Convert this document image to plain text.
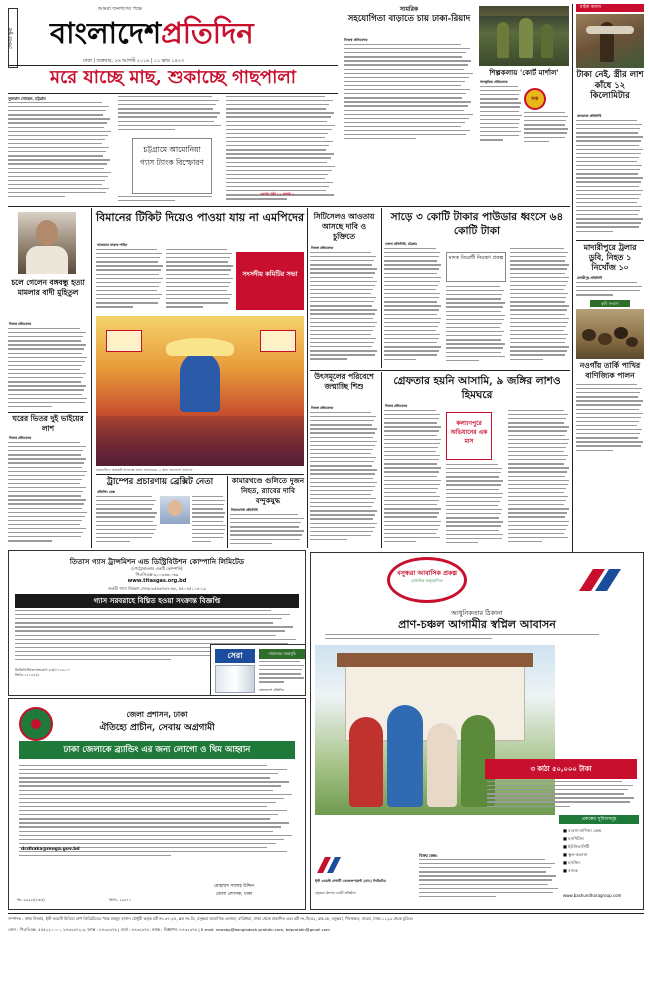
সোনার ক্ষুরা
আমরা জনগণের পক্ষে
বাংলাদেশপ্রতিদিন
ঢাকা | শুক্রবার, ২৬ আগস্ট ২০১৬ | ১১ ভাদ্র ১৪২৩
মরে যাচ্ছে মাছ, শুকাচ্ছে গাছপালা
সুলতান সোহেল, চট্টগ্রাম
চট্টগ্রামে আমোনিয়া গ্যাস ট্যাংক বিস্ফোরণ
সামরিক
সহযোগিতা বাড়াতে চায় ঢাকা-রিয়াদ
নিজস্ব প্রতিবেদক
শিল্পকলায় 'কোর্ট মার্শাল'
সাংস্কৃতিক প্রতিবেদক
মঞ্চ
মাইক কলাম
টাকা নেই, স্ত্রীর লাশ কাঁধে ১২ কিলোমিটার
কলকাতা প্রতিনিধি
মাদারীপুরে ট্রলার ডুবি, নিহত ১ নিখোঁজ ১০
মাদারীপুর প্রতিনিধি
কৃষি সংবাদ
নওগাঁয় তার্কি পাখির বাণিজ্যিক পালন

চলে গেলেন বঙ্গবন্ধু হত্যা মামলার বাদী মুহিতুল
নিজস্ব প্রতিবেদক
ঘরের ভিতর দুই ভাইয়ের লাশ
নিজস্ব প্রতিবেদক
বিমানের টিকিট দিয়েও পাওয়া যায় না এমপিদের
আকতার ফারুক শাহিন
সংসদীয় কমিটির সভা
রাজধানীতে জন্মাষ্টমী উপলক্ষে বর্ণাঢ্য শোভাযাত্রা — ছবি: বাংলাদেশ প্রতিদিন
সিটিসেলও আওতায় আসছে দাবি ও চুক্তিতে
নিজস্ব প্রতিবেদক
সাড়ে ৩ কোটি টাকার পাউডার ধ্বংসে ৬৪ কোটি টাকা
জেলা প্রতিনিধি, চট্টগ্রাম
মাদক বিরোধী নিয়ন্ত্রণ প্রকল্প
উৎসমূলের পরিবেশে জন্মাচ্ছি শিশু
নিজস্ব প্রতিবেদক
গ্রেফতার হয়নি আসামি, ৯ জঙ্গির লাশও হিমঘরে
নিজস্ব প্রতিবেদক
কল্যাণপুরে অভিযানের এক মাস
ট্রাম্পের প্রচারণায় ব্রেক্সিট নেতা
প্রতিদিন ডেস্ক
কামারখণ্ডে গুলিতে দুজন নিহত, র‍্যাবের দাবি বন্দুকযুদ্ধ
সিরাজগঞ্জ প্রতিনিধি
এরপর পৃষ্ঠা ১১ কলাম ১
তিতাস গ্যাস ট্রান্সমিশন এন্ড ডিস্ট্রিবিউশন কোম্পানি লিমিটেড
(পেট্রোবাংলার একটি কোম্পানি)
পিএসিএক্স-৯১০৩৩৬০-৬৯
www.titasgas.org.bd
জরুরী গ্যাস নিয়ন্ত্রণ সেলঃ-৯৫৫৬৭৬৭-৬৮, ৫৫০৪৫১১৪-১৯
গ্যাস সরবরাহে বিঘ্নিত হওয়া সংক্রান্ত বিজ্ঞপ্তি
তিজিডিসি/জনসংযোগ-৪৩/২০১৬-১৭
জিডি-১৫১৮৮/৫
সেরা	নামাজের সময়সূচি
বাংলাদেশ প্রতিদিন
জেলা প্রশাসন, ঢাকা
ঐতিহ্যে প্রাচীন, সেবায় অগ্রগামী
ঢাকা জেলাকে ব্র্যান্ডিং এর জন্য লোগো ও থিম আহ্বান
dcdhaka@moga.gov.bd
মোহাম্মদ সালাহ উদ্দিন
জেলা প্রশাসক, ঢাকা
জি- ৬৬৫৮/(৫×৩)	জিডি- ২৬৬৭১
বসুন্ধরা আবাসিক প্রকল্প
রাজউক অনুমোদিত
আধুনিকতার ঠিকানা
প্রাণ-চঞ্চল আগামীর স্বপ্নিল আবাসন
৩ কাঠা ৫০,০০০ টাকা
প্রকল্পের সুবিধাসমূহ
■ ব্যবসা-বাণিজ্য কেন্দ্র
■ হসপিটাল
■ ইউনিভার্সিটি
■ স্কুল-কলেজ
■ মসজিদ
■ ব্যাংক
ইস্ট ওয়েস্ট প্রপার্টি ডেভেলপমেন্ট (প্রা:) লিমিটেড
বসুন্ধরা গ্রুপের একটি প্রতিষ্ঠান
বিক্রয় কেন্দ্র:
www.bashundharagroup.com
সম্পাদক : নঈম নিজাম, ইস্ট ওয়েস্ট মিডিয়া গ্রুপ লিমিটেডের পক্ষে মাহমুদ হাসান চৌধুরী কর্তৃক প্লট নং-৩৭১/এ, ব্লক নং-ডি, বসুন্ধরা আবাসিক এলাকা, বারিধারা, ঢাকা থেকে প্রকাশিত এবং প্লট নং-সি/৫২, ব্লক-কে, বসুন্ধরা, খিলক্ষেত, বাড্ডা, ঢাকা-১২২৯ থেকে মুদ্রিত।
ফোন : পিএবিএক্স- ৫৫৫২২০০০০, ৮৪৩২৩৭২-৩, ফ্যাক্স : ৮৪৩২৩৭৫ | বার্তা : ৮৪৩২৩৭৮, ফ্যাক্স : বিজ্ঞাপন- ৮৪৩২৩৭৬ | E-mail: newsbp@bangladesh-pratidin.com, bdpratidin@gmail.com
